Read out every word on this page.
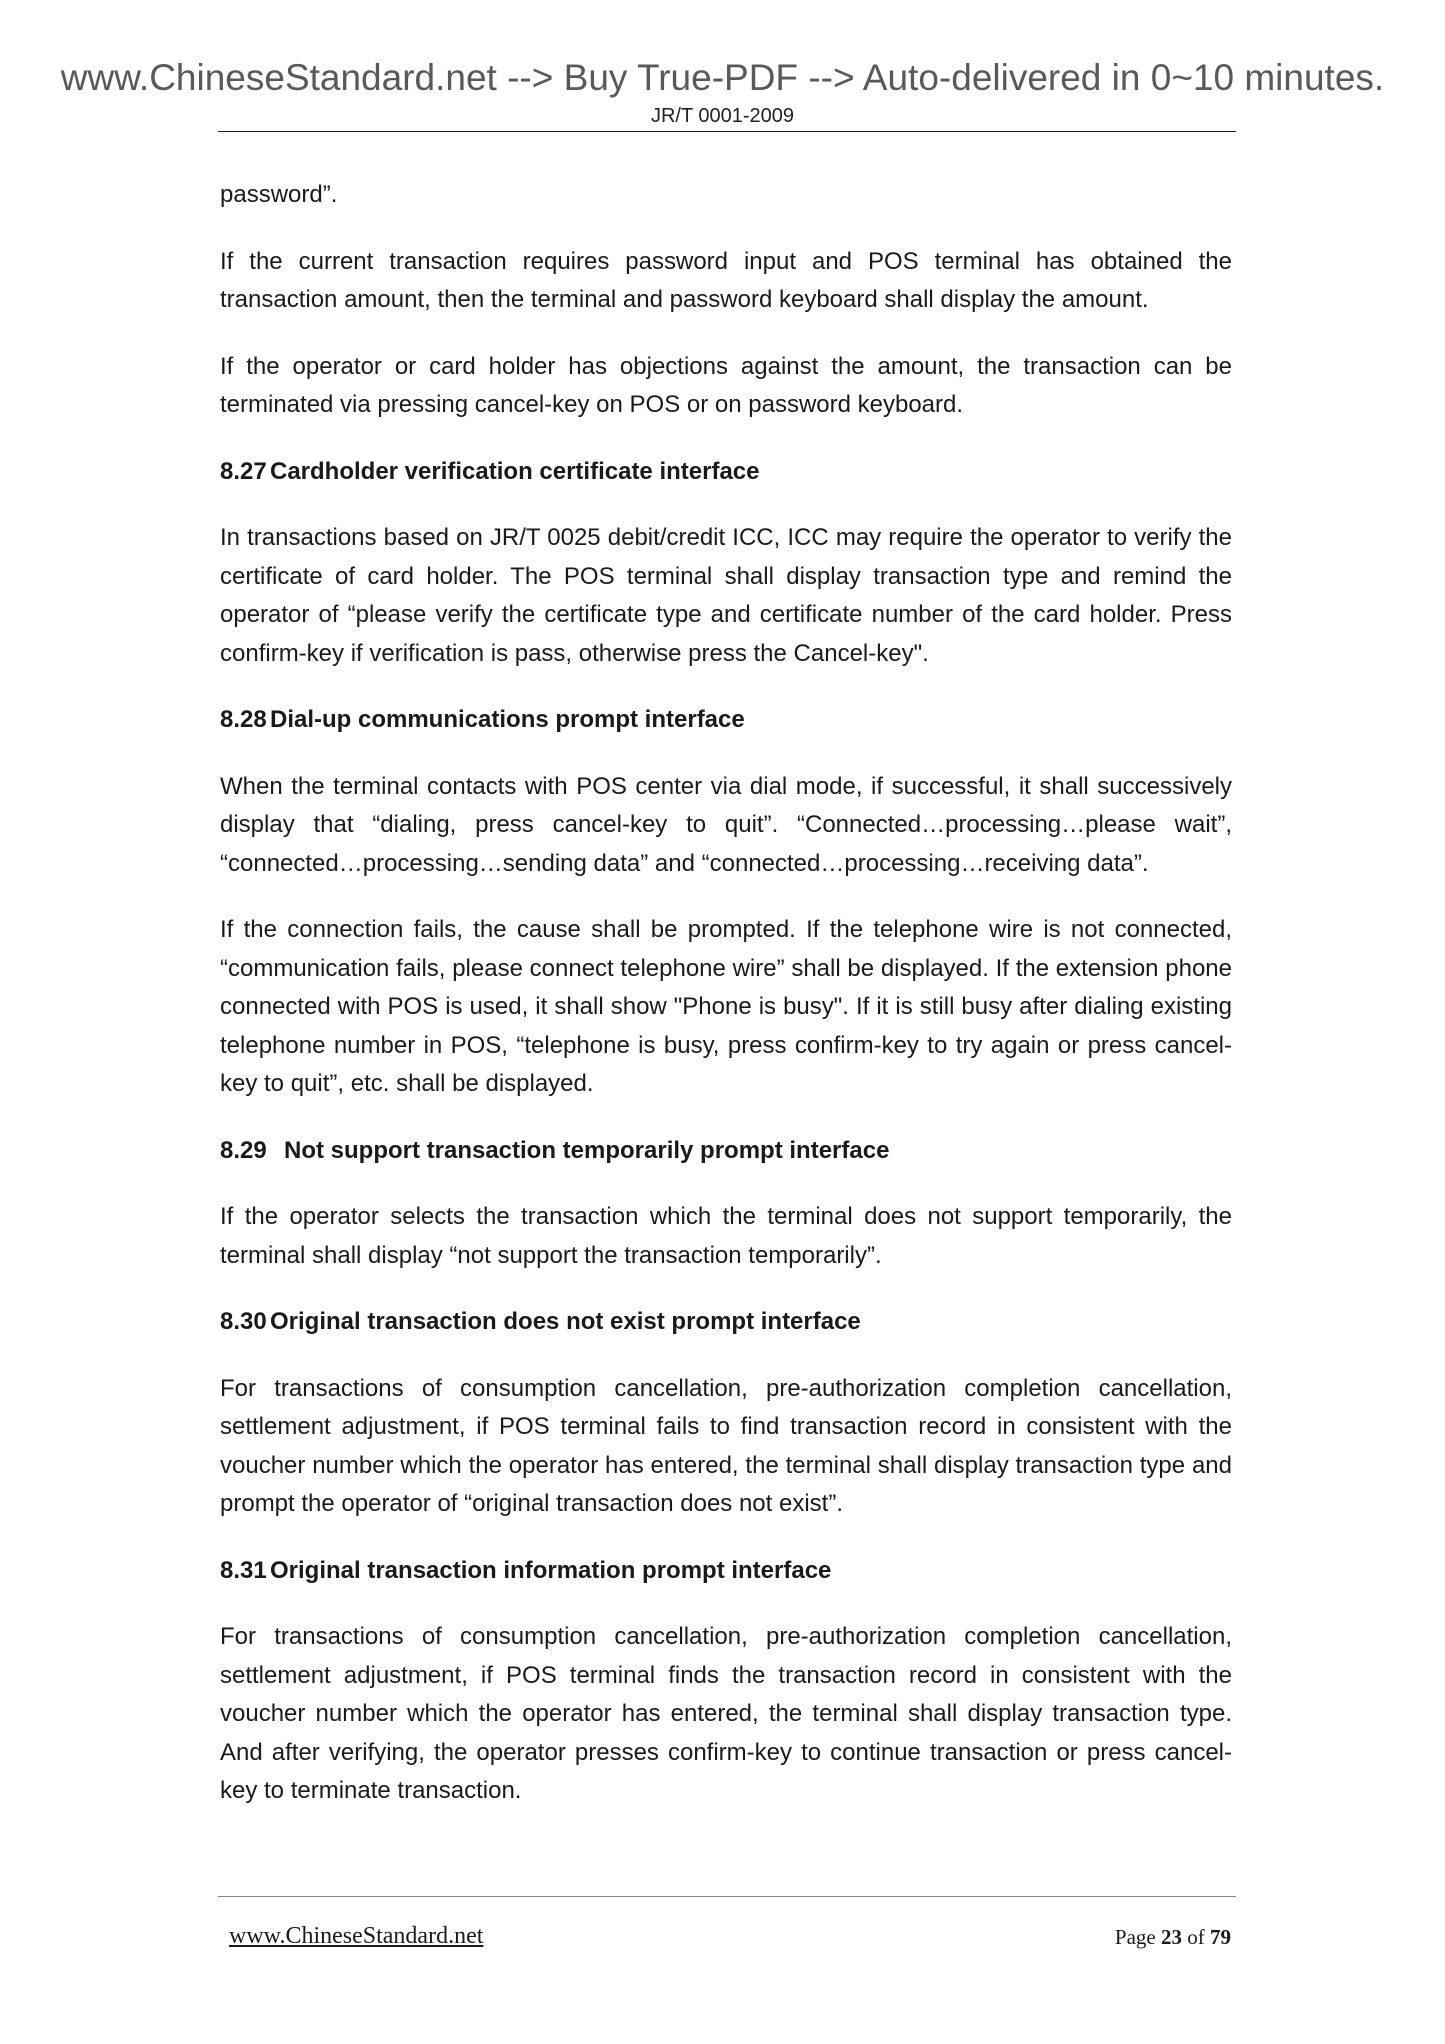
www.ChineseStandard.net --> Buy True-PDF --> Auto-delivered in 0~10 minutes.
JR/T 0001-2009

password”.

If the current transaction requires password input and POS terminal has obtained the transaction amount, then the terminal and password keyboard shall display the amount.

If the operator or card holder has objections against the amount, the transaction can be terminated via pressing cancel-key on POS or on password keyboard.

8.27 Cardholder verification certificate interface

In transactions based on JR/T 0025 debit/credit ICC, ICC may require the operator to verify the certificate of card holder. The POS terminal shall display transaction type and remind the operator of “please verify the certificate type and certificate number of the card holder. Press confirm-key if verification is pass, otherwise press the Cancel-key".

8.28 Dial-up communications prompt interface

When the terminal contacts with POS center via dial mode, if successful, it shall successively display that “dialing, press cancel-key to quit”. “Connected…processing…please wait”, “connected…processing…sending data” and “connected…processing…receiving data”.

If the connection fails, the cause shall be prompted. If the telephone wire is not connected, “communication fails, please connect telephone wire” shall be displayed. If the extension phone connected with POS is used, it shall show "Phone is busy". If it is still busy after dialing existing telephone number in POS, “telephone is busy, press confirm-key to try again or press cancel-key to quit”, etc. shall be displayed.

8.29 Not support transaction temporarily prompt interface

If the operator selects the transaction which the terminal does not support temporarily, the terminal shall display “not support the transaction temporarily”.

8.30 Original transaction does not exist prompt interface

For transactions of consumption cancellation, pre-authorization completion cancellation, settlement adjustment, if POS terminal fails to find transaction record in consistent with the voucher number which the operator has entered, the terminal shall display transaction type and prompt the operator of “original transaction does not exist”.

8.31 Original transaction information prompt interface

For transactions of consumption cancellation, pre-authorization completion cancellation, settlement adjustment, if POS terminal finds the transaction record in consistent with the voucher number which the operator has entered, the terminal shall display transaction type. And after verifying, the operator presses confirm-key to continue transaction or press cancel-key to terminate transaction.

www.ChineseStandard.net	Page 23 of 79
